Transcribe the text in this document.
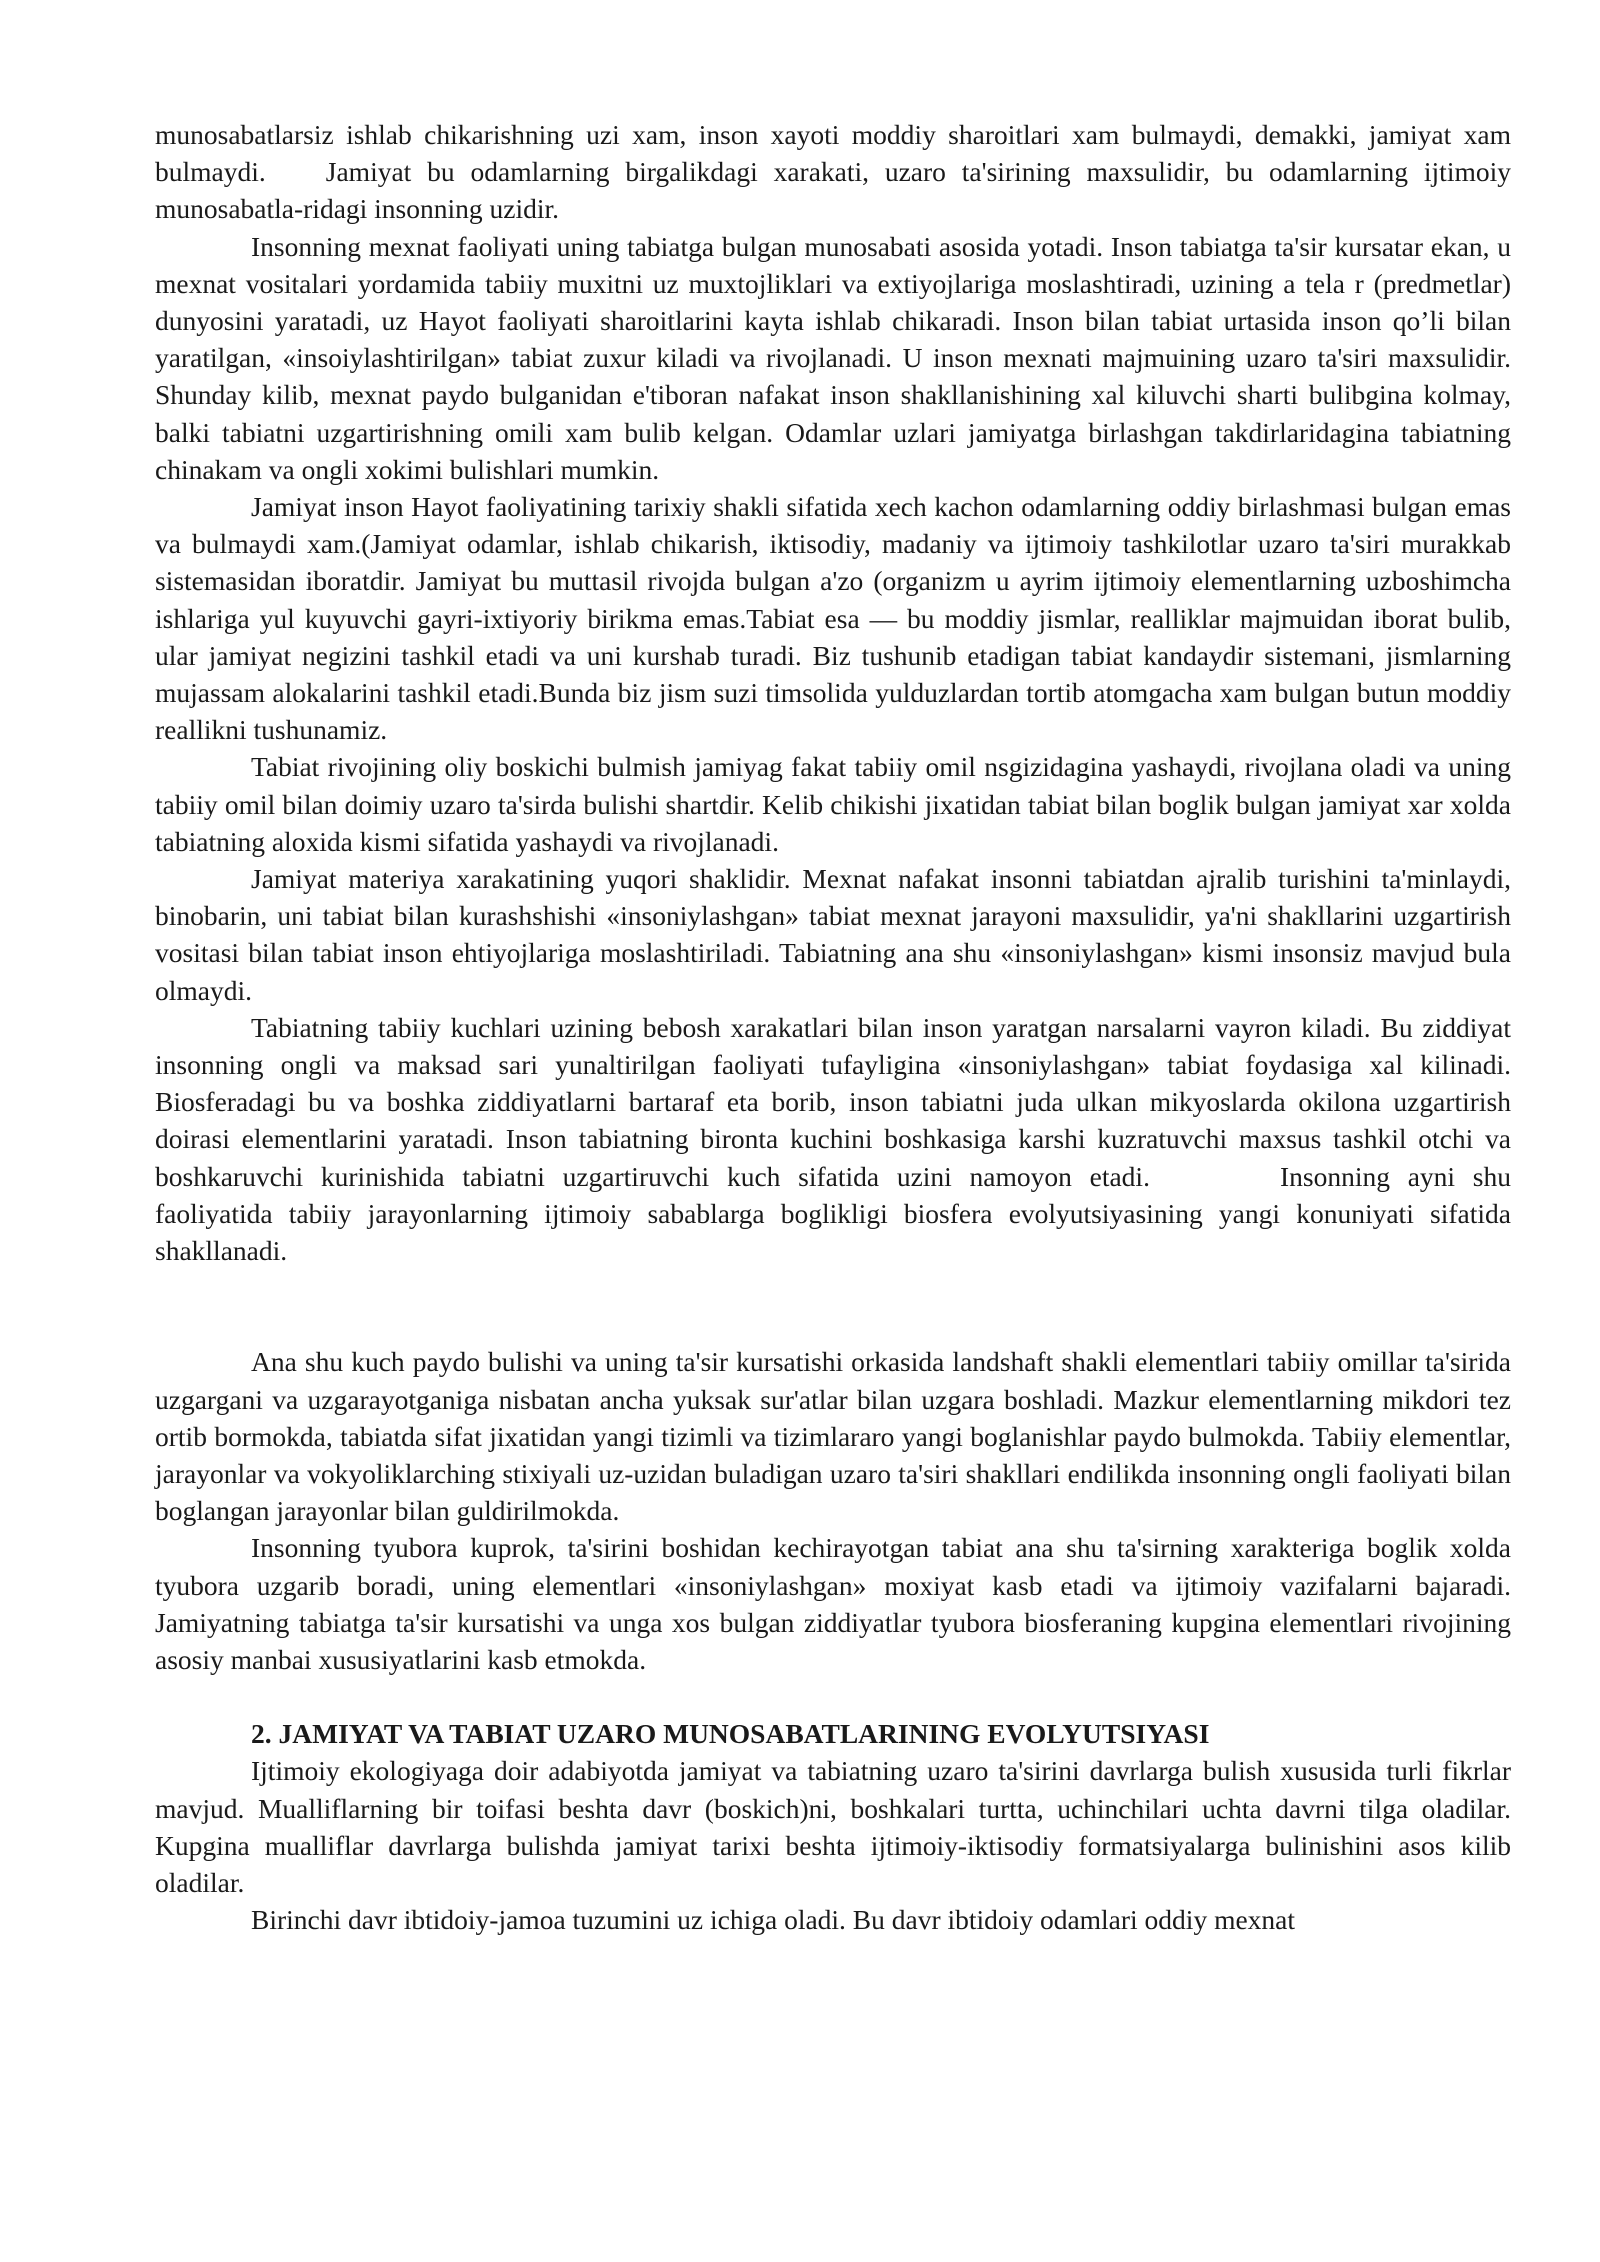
munosabatlarsiz ishlab chikarishning uzi xam, inson xayoti moddiy sharoitlari xam bulmaydi, demakki, jamiyat xam bulmaydi. Jamiyat bu odamlarning birgalikdagi xarakati, uzaro ta'sirining maxsulidir, bu odamlarning ijtimoiy munosabatla-ridagi insonning uzidir.

Insonning mexnat faoliyati uning tabiatga bulgan munosabati asosida yotadi. Inson tabiatga ta'sir kursatar ekan, u mexnat vositalari yordamida tabiiy muxitni uz muxtojliklari va extiyojlariga moslashtiradi, uzining a tela r (predmetlar) dunyosini yaratadi, uz Hayot faoliyati sharoitlarini kayta ishlab chikaradi. Inson bilan tabiat urtasida inson qo’li bilan yaratilgan, «insoiylashtirilgan» tabiat zuxur kiladi va rivojlanadi. U inson mexnati majmuining uzaro ta'siri maxsulidir. Shunday kilib, mexnat paydo bulganidan e'tiboran nafakat inson shakllanishining xal kiluvchi sharti bulibgina kolmay, balki tabiatni uzgartirishning omili xam bulib kelgan. Odamlar uzlari jamiyatga birlashgan takdirlaridagina tabiatning chinakam va ongli xokimi bulishlari mumkin.

Jamiyat inson Hayot faoliyatining tarixiy shakli sifatida xech kachon odamlarning oddiy birlashmasi bulgan emas va bulmaydi xam.(Jamiyat odamlar, ishlab chikarish, iktisodiy, madaniy va ijtimoiy tashkilotlar uzaro ta'siri murakkab sistemasidan iboratdir. Jamiyat bu muttasil rivojda bulgan a'zo (organizm u ayrim ijtimoiy elementlarning uzboshimcha ishlariga yul kuyuvchi gayri-ixtiyoriy birikma emas.Tabiat esa — bu moddiy jismlar, realliklar majmuidan iborat bulib, ular jamiyat negizini tashkil etadi va uni kurshab turadi. Biz tushunib etadigan tabiat kandaydir sistemani, jismlarning mujassam alokalarini tashkil etadi.Bunda biz jism suzi timsolida yulduzlardan tortib atomgacha xam bulgan butun moddiy reallikni tushunamiz.

Tabiat rivojining oliy boskichi bulmish jamiyag fakat tabiiy omil nsgizidagina yashaydi, rivojlana oladi va uning tabiiy omil bilan doimiy uzaro ta'sirda bulishi shartdir. Kelib chikishi jixatidan tabiat bilan boglik bulgan jamiyat xar xolda tabiatning aloxida kismi sifatida yashaydi va rivojlanadi.

Jamiyat materiya xarakatining yuqori shaklidir. Mexnat nafakat insonni tabiatdan ajralib turishini ta'minlaydi, binobarin, uni tabiat bilan kurashshishi «insoniylashgan» tabiat mexnat jarayoni maxsulidir, ya'ni shakllarini uzgartirish vositasi bilan tabiat inson ehtiyojlariga moslashtiriladi. Tabiatning ana shu «insoniylashgan» kismi insonsiz mavjud bula olmaydi.

Tabiatning tabiiy kuchlari uzining bebosh xarakatlari bilan inson yaratgan narsalarni vayron kiladi. Bu ziddiyat insonning ongli va maksad sari yunaltirilgan faoliyati tufayligina «insoniylashgan» tabiat foydasiga xal kilinadi. Biosferadagi bu va boshka ziddiyatlarni bartaraf eta borib, inson tabiatni juda ulkan mikyoslarda okilona uzgartirish doirasi elementlarini yaratadi. Inson tabiatning bironta kuchini boshkasiga karshi kuzratuvchi maxsus tashkil otchi va boshkaruvchi kurinishida tabiatni uzgartiruvchi kuch sifatida uzini namoyon etadi.	Insonning ayni shu faoliyatida tabiiy jarayonlarning ijtimoiy sabablarga boglikligi biosfera evolyutsiyasining yangi konuniyati sifatida shakllanadi.

Ana shu kuch paydo bulishi va uning ta'sir kursatishi orkasida landshaft shakli elementlari tabiiy omillar ta'sirida uzgargani va uzgarayotganiga nisbatan ancha yuksak sur'atlar bilan uzgara boshladi. Mazkur elementlarning mikdori tez ortib bormokda, tabiatda sifat jixatidan yangi tizimli va tizimlararo yangi boglanishlar paydo bulmokda. Tabiiy elementlar, jarayonlar va vokyoliklarching stixiyali uz-uzidan buladigan uzaro ta'siri shakllari endilikda insonning ongli faoliyati bilan boglangan jarayonlar bilan guldirilmokda.

Insonning tyubora kuprok, ta'sirini boshidan kechirayotgan tabiat ana shu ta'sirning xarakteriga boglik xolda tyubora uzgarib boradi, uning elementlari «insoniylashgan» moxiyat kasb etadi va ijtimoiy vazifalarni bajaradi. Jamiyatning tabiatga ta'sir kursatishi va unga xos bulgan ziddiyatlar tyubora biosferaning kupgina elementlari rivojining asosiy manbai xususiyatlarini kasb etmokda.

2. JAMIYAT VA TABIAT UZARO MUNOSABATLARINING EVOLYUTSIYASI

Ijtimoiy ekologiyaga doir adabiyotda jamiyat va tabiatning uzaro ta'sirini davrlarga bulish xususida turli fikrlar mavjud. Mualliflarning bir toifasi beshta davr (boskich)ni, boshkalari turtta, uchinchilari uchta davrni tilga oladilar. Kupgina mualliflar davrlarga bulishda jamiyat tarixi beshta ijtimoiy-iktisodiy formatsiyalarga bulinishini asos kilib oladilar.

Birinchi davr ibtidoiy-jamoa tuzumini uz ichiga oladi. Bu davr ibtidoiy odamlari oddiy mexnat
